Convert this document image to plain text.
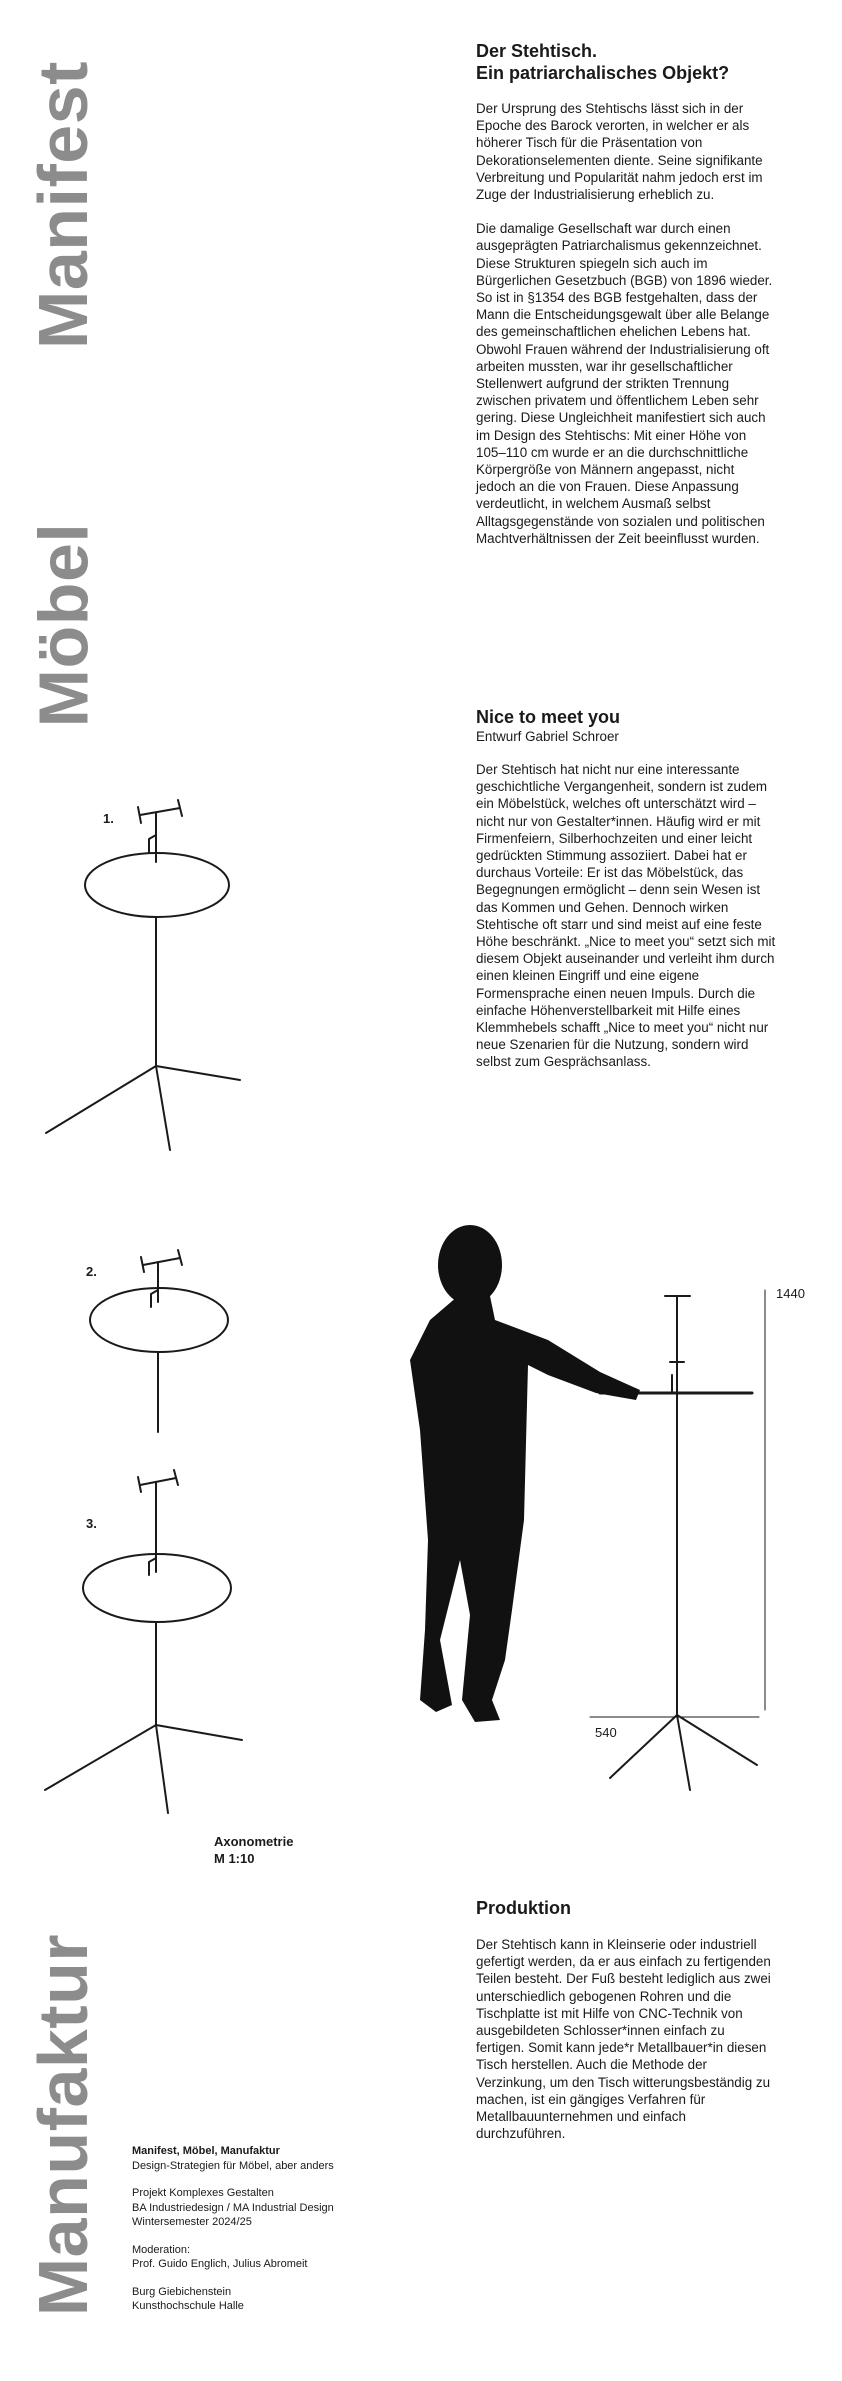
Manifest
Möbel
Manufaktur
Der Stehtisch.
Ein patriarchalisches Objekt?

Der Ursprung des Stehtischs lässt sich in der Epoche des Barock verorten, in welcher er als höherer Tisch für die Präsentation von Dekorationselementen diente. Seine signifikante Verbreitung und Popularität nahm jedoch erst im Zuge der Industrialisierung erheblich zu.

Die damalige Gesellschaft war durch einen ausgeprägten Patriarchalismus gekennzeichnet. Diese Strukturen spiegeln sich auch im Bürgerlichen Gesetzbuch (BGB) von 1896 wieder. So ist in §1354 des BGB festgehalten, dass der Mann die Entscheidungsgewalt über alle Belange des gemeinschaftlichen ehelichen Lebens hat. Obwohl Frauen während der Industrialisierung oft arbeiten mussten, war ihr gesellschaftlicher Stellenwert aufgrund der strikten Trennung zwischen privatem und öffentlichem Leben sehr gering. Diese Ungleichheit manifestiert sich auch im Design des Stehtischs: Mit einer Höhe von 105–110 cm wurde er an die durchschnittliche Körpergröße von Männern angepasst, nicht jedoch an die von Frauen. Diese Anpassung verdeutlicht, in welchem Ausmaß selbst Alltagsgegenstände von sozialen und politischen Machtverhältnissen der Zeit beeinflusst wurden.

Nice to meet you
Entwurf Gabriel Schroer

Der Stehtisch hat nicht nur eine interessante geschichtliche Vergangenheit, sondern ist zudem ein Möbelstück, welches oft unterschätzt wird – nicht nur von Gestalter*innen. Häufig wird er mit Firmenfeiern, Silberhochzeiten und einer leicht gedrückten Stimmung assoziiert. Dabei hat er durchaus Vorteile: Er ist das Möbelstück, das Begegnungen ermöglicht – denn sein Wesen ist das Kommen und Gehen. Dennoch wirken Stehtische oft starr und sind meist auf eine feste Höhe beschränkt. „Nice to meet you“ setzt sich mit diesem Objekt auseinander und verleiht ihm durch einen kleinen Eingriff und eine eigene Formensprache einen neuen Impuls. Durch die einfache Höhenverstellbarkeit mit Hilfe eines Klemmhebels schafft „Nice to meet you“ nicht nur neue Szenarien für die Nutzung, sondern wird selbst zum Gesprächsanlass.

Produktion

Der Stehtisch kann in Kleinserie oder industriell gefertigt werden, da er aus einfach zu fertigenden Teilen besteht. Der Fuß besteht lediglich aus zwei unterschiedlich gebogenen Rohren und die Tischplatte ist mit Hilfe von CNC-Technik von ausgebildeten Schlosser*innen einfach zu fertigen. Somit kann jede*r Metallbauer*in diesen Tisch herstellen. Auch die Methode der Verzinkung, um den Tisch witterungsbeständig zu machen, ist ein gängiges Verfahren für Metallbauunternehmen und einfach durchzuführen.

1.
2.
3.
Axonometrie
M 1:10
1440
540

Manifest, Möbel, Manufaktur

Design-Strategien für Möbel, aber anders

Projekt Komplexes Gestalten

BA Industriedesign / MA Industrial Design

Wintersemester 2024/25

Moderation:

Prof. Guido Englich, Julius Abromeit

Burg Giebichenstein

Kunsthochschule Halle
